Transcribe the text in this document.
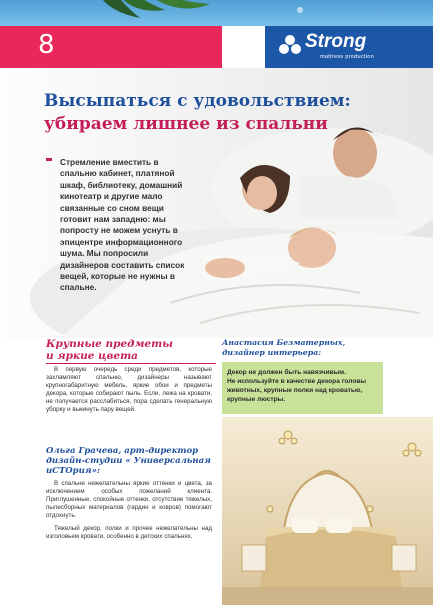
8	Strong
mattress production
Высыпаться с удовольствием:
убираем лишнее из спальни
Стремление вместить в спальню кабинет, платяной шкаф, библиотеку, домашний кинотеатр и другие мало связанные со сном вещи готовит нам западню: мы попросту не можем уснуть в эпицентре информационного шума. Мы попросили дизайнеров составить список вещей, которые не нужны в спальне.
Крупные предметы
и яркие цвета
В первую очередь среди предметов, которые захламляют спальню, дизайнеры называют крупногабаритную мебель, яркие обои и предметы декора, которые собирают пыль. Если, лежа на кровати, не получается расслабиться, пора сделать генеральную уборку и выкинуть пару вещей.
Ольга Грачева, арт-директор
дизайн-студии « Универсальная
иСТОрия»:
В спальне нежелательны яркие оттенки и цвета, за исключением особых пожеланий клиента. Приглушенные, спокойные оттенки, отсутствие тяжелых, пылесборных материалов (гардин и ковров) помогают отдохнуть.
Тяжелый декор, полки и прочее нежелательны над изголовьем кровати, особенно в детских спальнях.
Анастасия Безматерных,
дизайнер интерьера:
Декор не должен быть навязчивым.
Не используйте в качестве декора головы животных, крупные полки над кроватью, крупные люстры.
